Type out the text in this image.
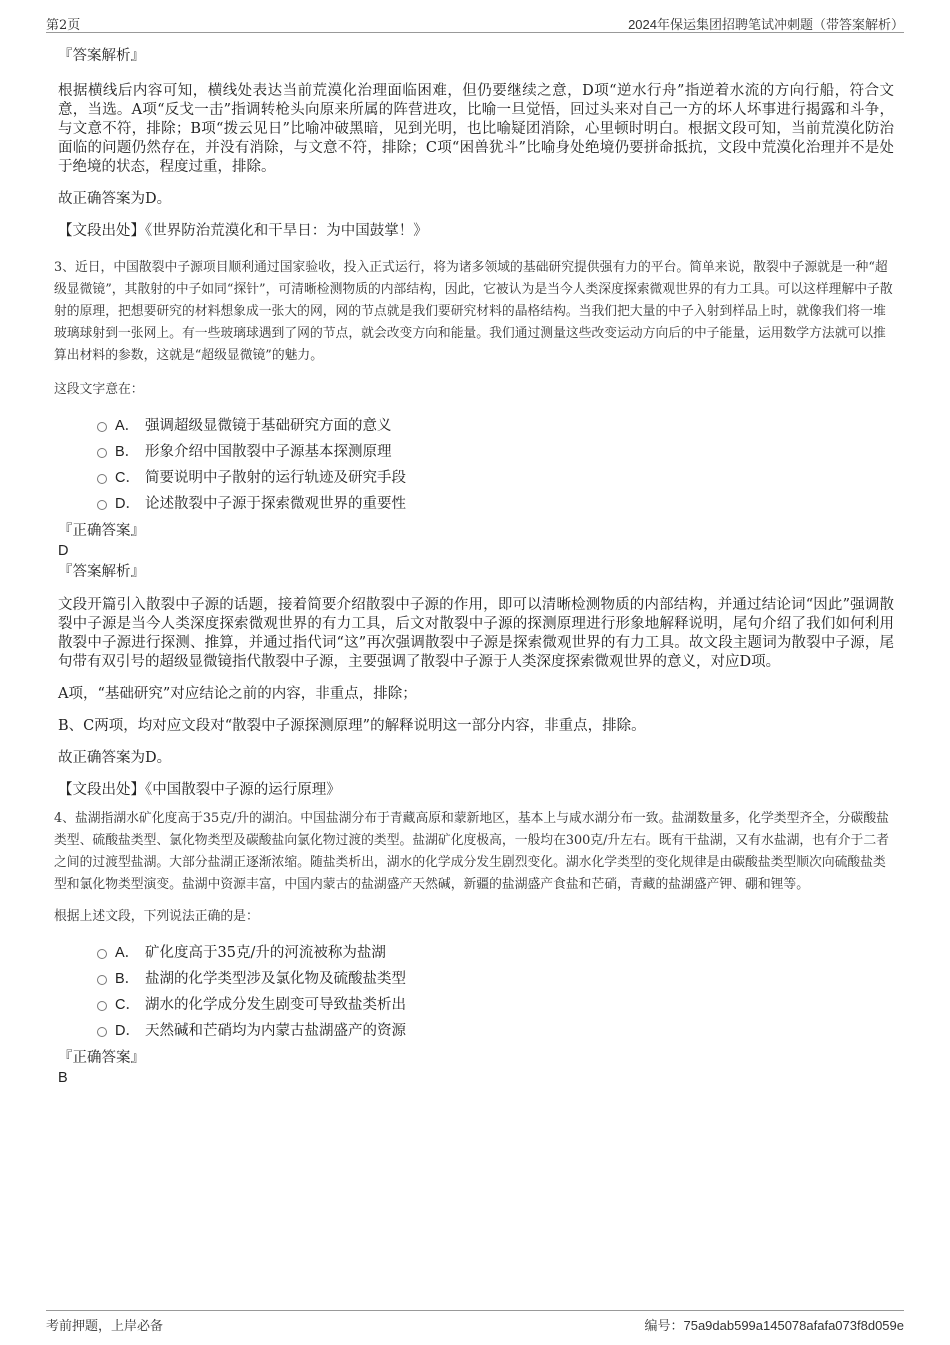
第2页	2024年保运集团招聘笔试冲刺题（带答案解析）

『答案解析』

根据横线后内容可知，横线处表达当前荒漠化治理面临困难，但仍要继续之意，D项“逆水行舟”指逆着水流的方向行船，符合文意，当选。A项“反戈一击”指调转枪头向原来所属的阵营进攻，比喻一旦觉悟，回过头来对自己一方的坏人坏事进行揭露和斗争，与文意不符，排除；B项“拨云见日”比喻冲破黑暗，见到光明，也比喻疑团消除，心里顿时明白。根据文段可知，当前荒漠化防治面临的问题仍然存在，并没有消除，与文意不符，排除；C项“困兽犹斗”比喻身处绝境仍要拼命抵抗，文段中荒漠化治理并不是处于绝境的状态，程度过重，排除。

故正确答案为D。

【文段出处】《世界防治荒漠化和干旱日：为中国鼓掌！》

3、近日，中国散裂中子源项目顺利通过国家验收，投入正式运行，将为诸多领域的基础研究提供强有力的平台。简单来说，散裂中子源就是一种“超级显微镜”，其散射的中子如同“探针”，可清晰检测物质的内部结构，因此，它被认为是当今人类深度探索微观世界的有力工具。可以这样理解中子散射的原理，把想要研究的材料想象成一张大的网，网的节点就是我们要研究材料的晶格结构。当我们把大量的中子入射到样品上时，就像我们将一堆玻璃球射到一张网上。有一些玻璃球遇到了网的节点，就会改变方向和能量。我们通过测量这些改变运动方向后的中子能量，运用数学方法就可以推算出材料的参数，这就是“超级显微镜”的魅力。

这段文字意在：

A． 强调超级显微镜于基础研究方面的意义
B． 形象介绍中国散裂中子源基本探测原理
C． 简要说明中子散射的运行轨迹及研究手段
D． 论述散裂中子源于探索微观世界的重要性

『正确答案』

D

『答案解析』

文段开篇引入散裂中子源的话题，接着简要介绍散裂中子源的作用，即可以清晰检测物质的内部结构，并通过结论词“因此”强调散裂中子源是当今人类深度探索微观世界的有力工具，后文对散裂中子源的探测原理进行形象地解释说明，尾句介绍了我们如何利用散裂中子源进行探测、推算，并通过指代词“这”再次强调散裂中子源是探索微观世界的有力工具。故文段主题词为散裂中子源，尾句带有双引号的超级显微镜指代散裂中子源，主要强调了散裂中子源于人类深度探索微观世界的意义，对应D项。

A项，“基础研究”对应结论之前的内容，非重点，排除；

B、C两项，均对应文段对“散裂中子源探测原理”的解释说明这一部分内容，非重点，排除。

故正确答案为D。

【文段出处】《中国散裂中子源的运行原理》

4、盐湖指湖水矿化度高于35克/升的湖泊。中国盐湖分布于青藏高原和蒙新地区，基本上与咸水湖分布一致。盐湖数量多，化学类型齐全，分碳酸盐类型、硫酸盐类型、氯化物类型及碳酸盐向氯化物过渡的类型。盐湖矿化度极高，一般均在300克/升左右。既有干盐湖，又有水盐湖，也有介于二者之间的过渡型盐湖。大部分盐湖正逐渐浓缩。随盐类析出，湖水的化学成分发生剧烈变化。湖水化学类型的变化规律是由碳酸盐类型顺次向硫酸盐类型和氯化物类型演变。盐湖中资源丰富，中国内蒙古的盐湖盛产天然碱，新疆的盐湖盛产食盐和芒硝，青藏的盐湖盛产钾、硼和锂等。

根据上述文段，下列说法正确的是：

A． 矿化度高于35克/升的河流被称为盐湖
B． 盐湖的化学类型涉及氯化物及硫酸盐类型
C． 湖水的化学成分发生剧变可导致盐类析出
D． 天然碱和芒硝均为内蒙古盐湖盛产的资源

『正确答案』

B

考前押题，上岸必备	编号：75a9dab599a145078afafa073f8d059e
